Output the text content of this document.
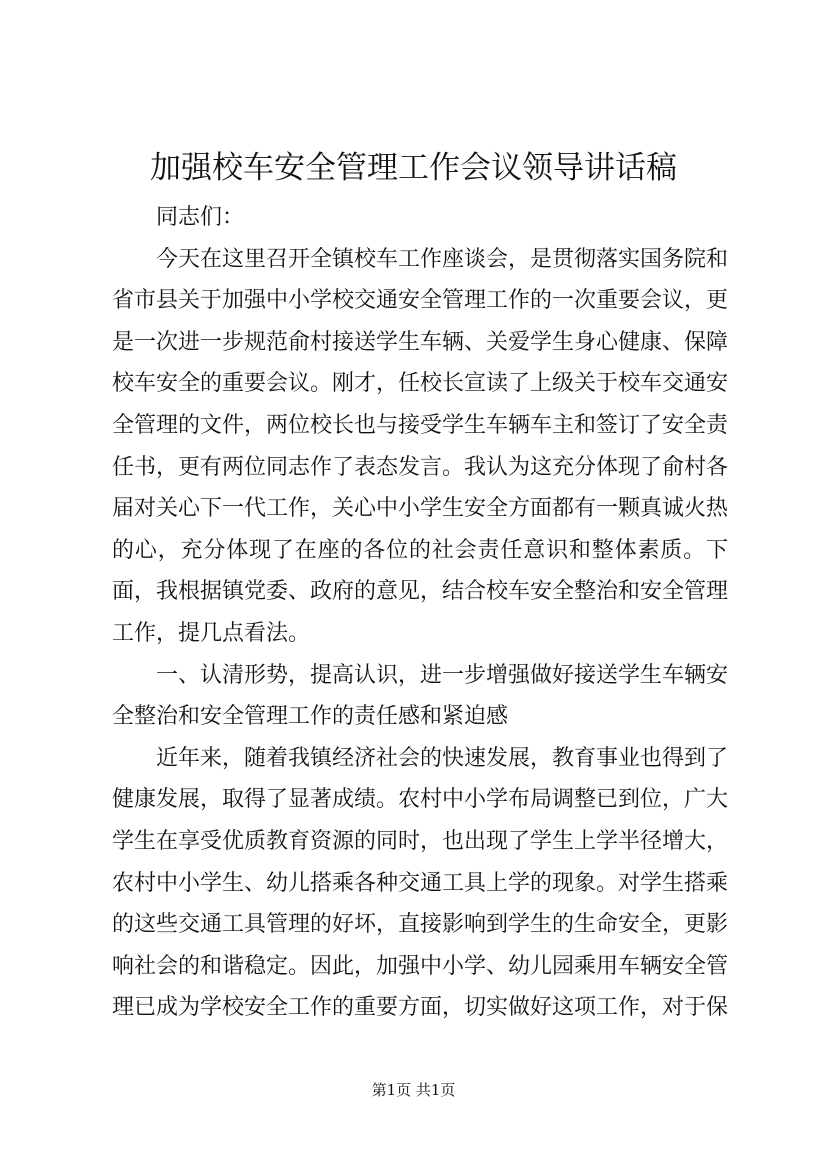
加强校车安全管理工作会议领导讲话稿

同志们：

今天在这里召开全镇校车工作座谈会，是贯彻落实国务院和省市县关于加强中小学校交通安全管理工作的一次重要会议，更是一次进一步规范俞村接送学生车辆、关爱学生身心健康、保障校车安全的重要会议。刚才，任校长宣读了上级关于校车交通安全管理的文件，两位校长也与接受学生车辆车主和签订了安全责任书，更有两位同志作了表态发言。我认为这充分体现了俞村各届对关心下一代工作，关心中小学生安全方面都有一颗真诚火热的心，充分体现了在座的各位的社会责任意识和整体素质。下面，我根据镇党委、政府的意见，结合校车安全整治和安全管理工作，提几点看法。

一、认清形势，提高认识，进一步增强做好接送学生车辆安全整治和安全管理工作的责任感和紧迫感

近年来，随着我镇经济社会的快速发展，教育事业也得到了健康发展，取得了显著成绩。农村中小学布局调整已到位，广大学生在享受优质教育资源的同时，也出现了学生上学半径增大，农村中小学生、幼儿搭乘各种交通工具上学的现象。对学生搭乘的这些交通工具管理的好坏，直接影响到学生的生命安全，更影响社会的和谐稳定。因此，加强中小学、幼儿园乘用车辆安全管理已成为学校安全工作的重要方面，切实做好这项工作，对于保

第1页 共1页
